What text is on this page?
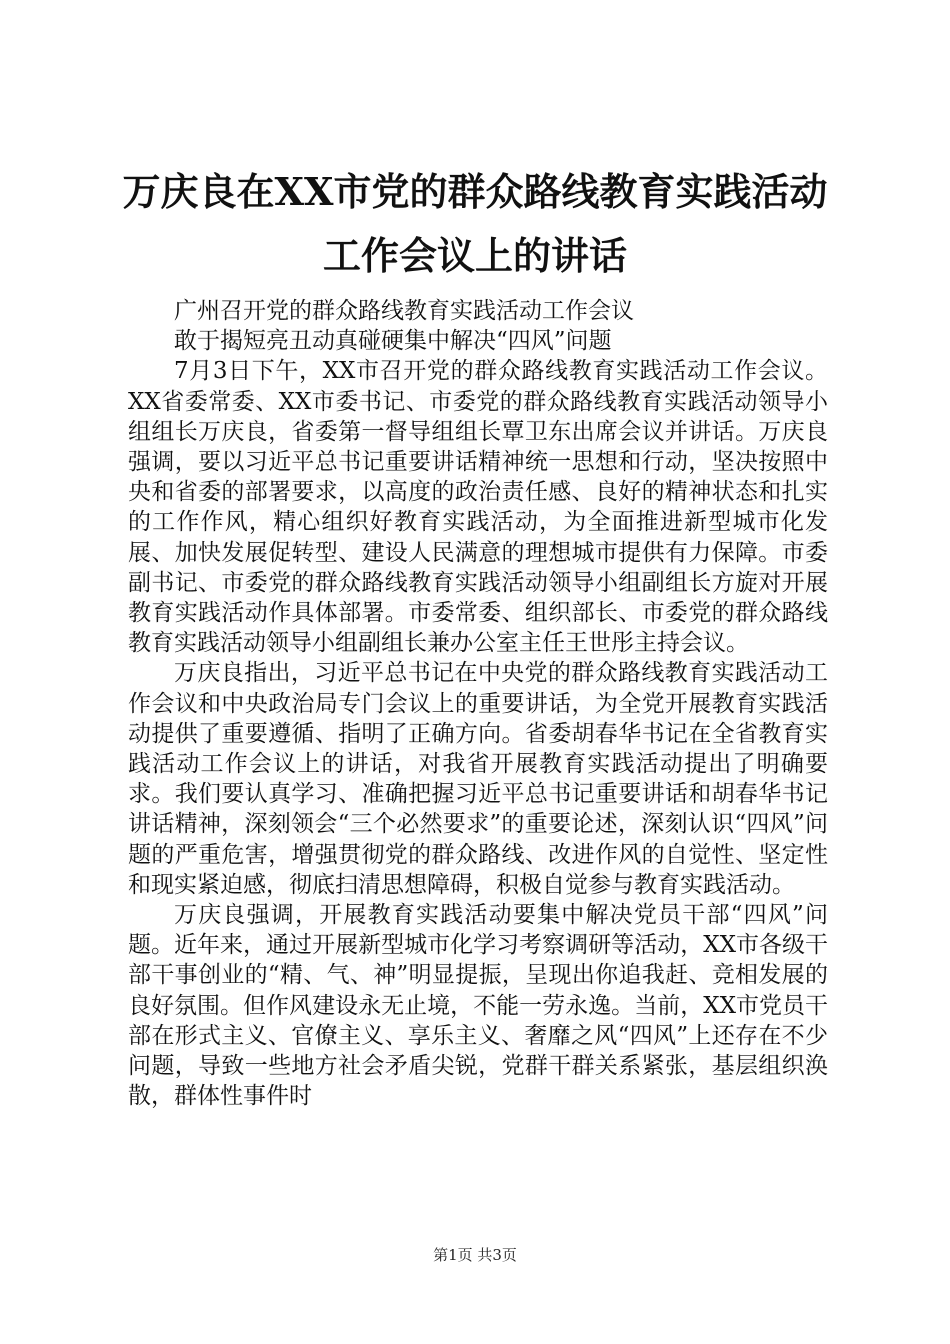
万庆良在XX市党的群众路线教育实践活动工作会议上的讲话

广州召开党的群众路线教育实践活动工作会议

敢于揭短亮丑动真碰硬集中解决“四风”问题

7月3日下午，XX市召开党的群众路线教育实践活动工作会议。XX省委常委、XX市委书记、市委党的群众路线教育实践活动领导小组组长万庆良，省委第一督导组组长覃卫东出席会议并讲话。万庆良强调，要以习近平总书记重要讲话精神统一思想和行动，坚决按照中央和省委的部署要求，以高度的政治责任感、良好的精神状态和扎实的工作作风，精心组织好教育实践活动，为全面推进新型城市化发展、加快发展促转型、建设人民满意的理想城市提供有力保障。市委副书记、市委党的群众路线教育实践活动领导小组副组长方旋对开展教育实践活动作具体部署。市委常委、组织部长、市委党的群众路线教育实践活动领导小组副组长兼办公室主任王世彤主持会议。

万庆良指出，习近平总书记在中央党的群众路线教育实践活动工作会议和中央政治局专门会议上的重要讲话，为全党开展教育实践活动提供了重要遵循、指明了正确方向。省委胡春华书记在全省教育实践活动工作会议上的讲话，对我省开展教育实践活动提出了明确要求。我们要认真学习、准确把握习近平总书记重要讲话和胡春华书记讲话精神，深刻领会“三个必然要求”的重要论述，深刻认识“四风”问题的严重危害，增强贯彻党的群众路线、改进作风的自觉性、坚定性和现实紧迫感，彻底扫清思想障碍，积极自觉参与教育实践活动。

万庆良强调，开展教育实践活动要集中解决党员干部“四风”问题。近年来，通过开展新型城市化学习考察调研等活动，XX市各级干部干事创业的“精、气、神”明显提振，呈现出你追我赶、竞相发展的良好氛围。但作风建设永无止境，不能一劳永逸。当前，XX市党员干部在形式主义、官僚主义、享乐主义、奢靡之风“四风”上还存在不少问题，导致一些地方社会矛盾尖锐，党群干群关系紧张，基层组织涣散，群体性事件时

第1页 共3页
